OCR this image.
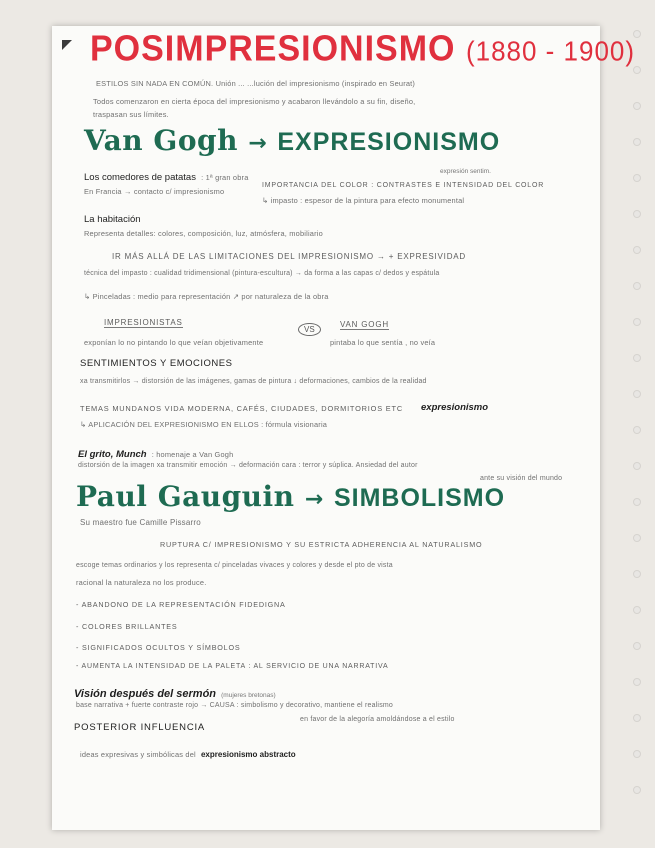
POSIMPRESIONISMO (1880 - 1900)
ESTILOS SIN NADA EN COMÚN. Unión ... ...lución del impresionismo (inspirado en Seurat)
Todos comenzaron en cierta época del impresionismo y acabaron llevándolo a su fin, diseño,
traspasan sus límites.
Van Gogh → EXPRESIONISMO
Los comedores de patatas : 1ª gran obra
expresión sentim.
En Francia → contacto c/ impresionismo
IMPORTANCIA DEL COLOR : CONTRASTES E INTENSIDAD DEL COLOR
↳ impasto : espesor de la pintura para efecto monumental
La habitación
Representa detalles: colores, composición, luz, atmósfera, mobiliario
IR MÁS ALLÁ DE LAS LIMITACIONES DEL IMPRESIONISMO → + EXPRESIVIDAD
técnica del impasto : cualidad tridimensional (pintura-escultura) → da forma a las capas c/ dedos y espátula
↳ Pinceladas : medio para representación ↗ por naturaleza de la obra
IMPRESIONISTAS
VS
VAN GOGH
exponían lo no pintando lo que veían objetivamente	pintaba lo que sentía , no veía
SENTIMIENTOS Y EMOCIONES
xa transmitirlos → distorsión de las imágenes, gamas de pintura ↓ deformaciones, cambios de la realidad
expresionismo
TEMAS MUNDANOS VIDA MODERNA, CAFÉS, CIUDADES, DORMITORIOS ETC
↳ APLICACIÓN DEL EXPRESIONISMO EN ELLOS : fórmula visionaria
El grito, Munch : homenaje a Van Gogh
distorsión de la imagen xa transmitir emoción → deformación cara : terror y súplica. Ansiedad del autor
ante su visión del mundo
Paul Gauguin → SIMBOLISMO
Su maestro fue Camille Pissarro
RUPTURA C/ IMPRESIONISMO Y SU ESTRICTA ADHERENCIA AL NATURALISMO
escoge temas ordinarios y los representa c/ pinceladas vivaces y colores y desde el pto de vista
racional la naturaleza no los produce.
- ABANDONO DE LA REPRESENTACIÓN FIDEDIGNA
- COLORES BRILLANTES
- SIGNIFICADOS OCULTOS Y SÍMBOLOS
- AUMENTA LA INTENSIDAD DE LA PALETA : AL SERVICIO DE UNA NARRATIVA
Visión después del sermón (mujeres bretonas)
base narrativa + fuerte contraste rojo → CAUSA : simbolismo y decorativo, mantiene el realismo
en favor de la alegoría amoldándose a el estilo
POSTERIOR INFLUENCIA
ideas expresivas y simbólicas del expresionismo abstracto
